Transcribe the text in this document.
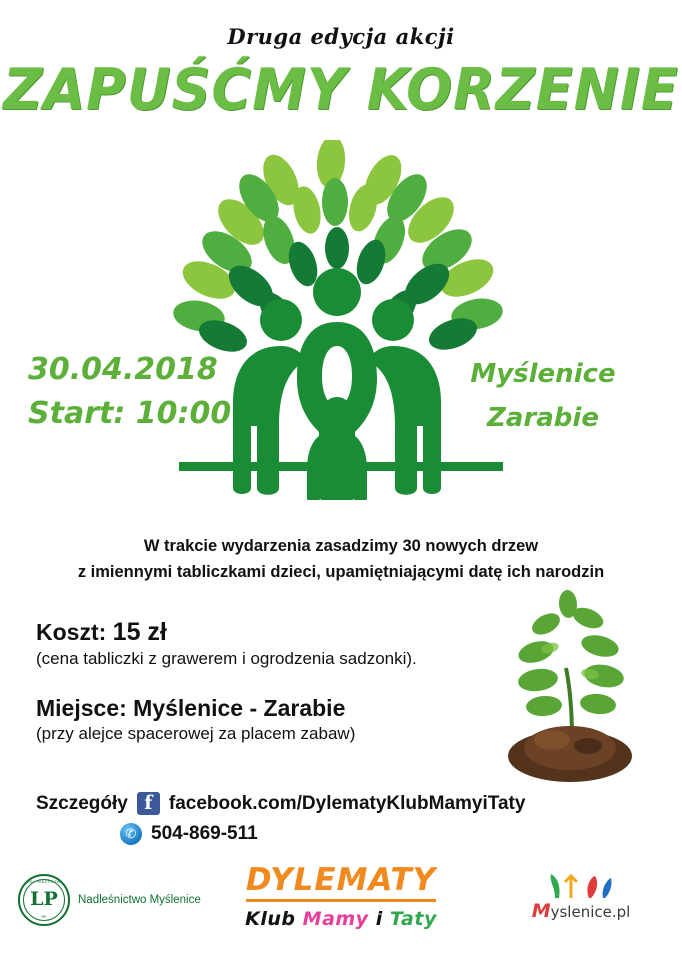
Druga edycja akcji
ZAPUŚĆMY KORZENIE
30.04.2018
Start: 10:00
Myślenice
Zarabie
W trakcie wydarzenia zasadzimy 30 nowych drzew
z imiennymi tabliczkami dzieci, upamiętniającymi datę ich narodzin
Koszt: 15 zł
(cena tabliczki z grawerem i ogrodzenia sadzonki).
Miejsce: Myślenice - Zarabie
(przy alejce spacerowej za placem zabaw)
Szczegóły f facebook.com/DylematyKlubMamyiTaty
✆ 504-869-511
LASY PAŃSTWOWE
LP
RP
Nadleśnictwo Myślenice
DYLEMATY
Klub Mamy i Taty	Myslenice.pl
